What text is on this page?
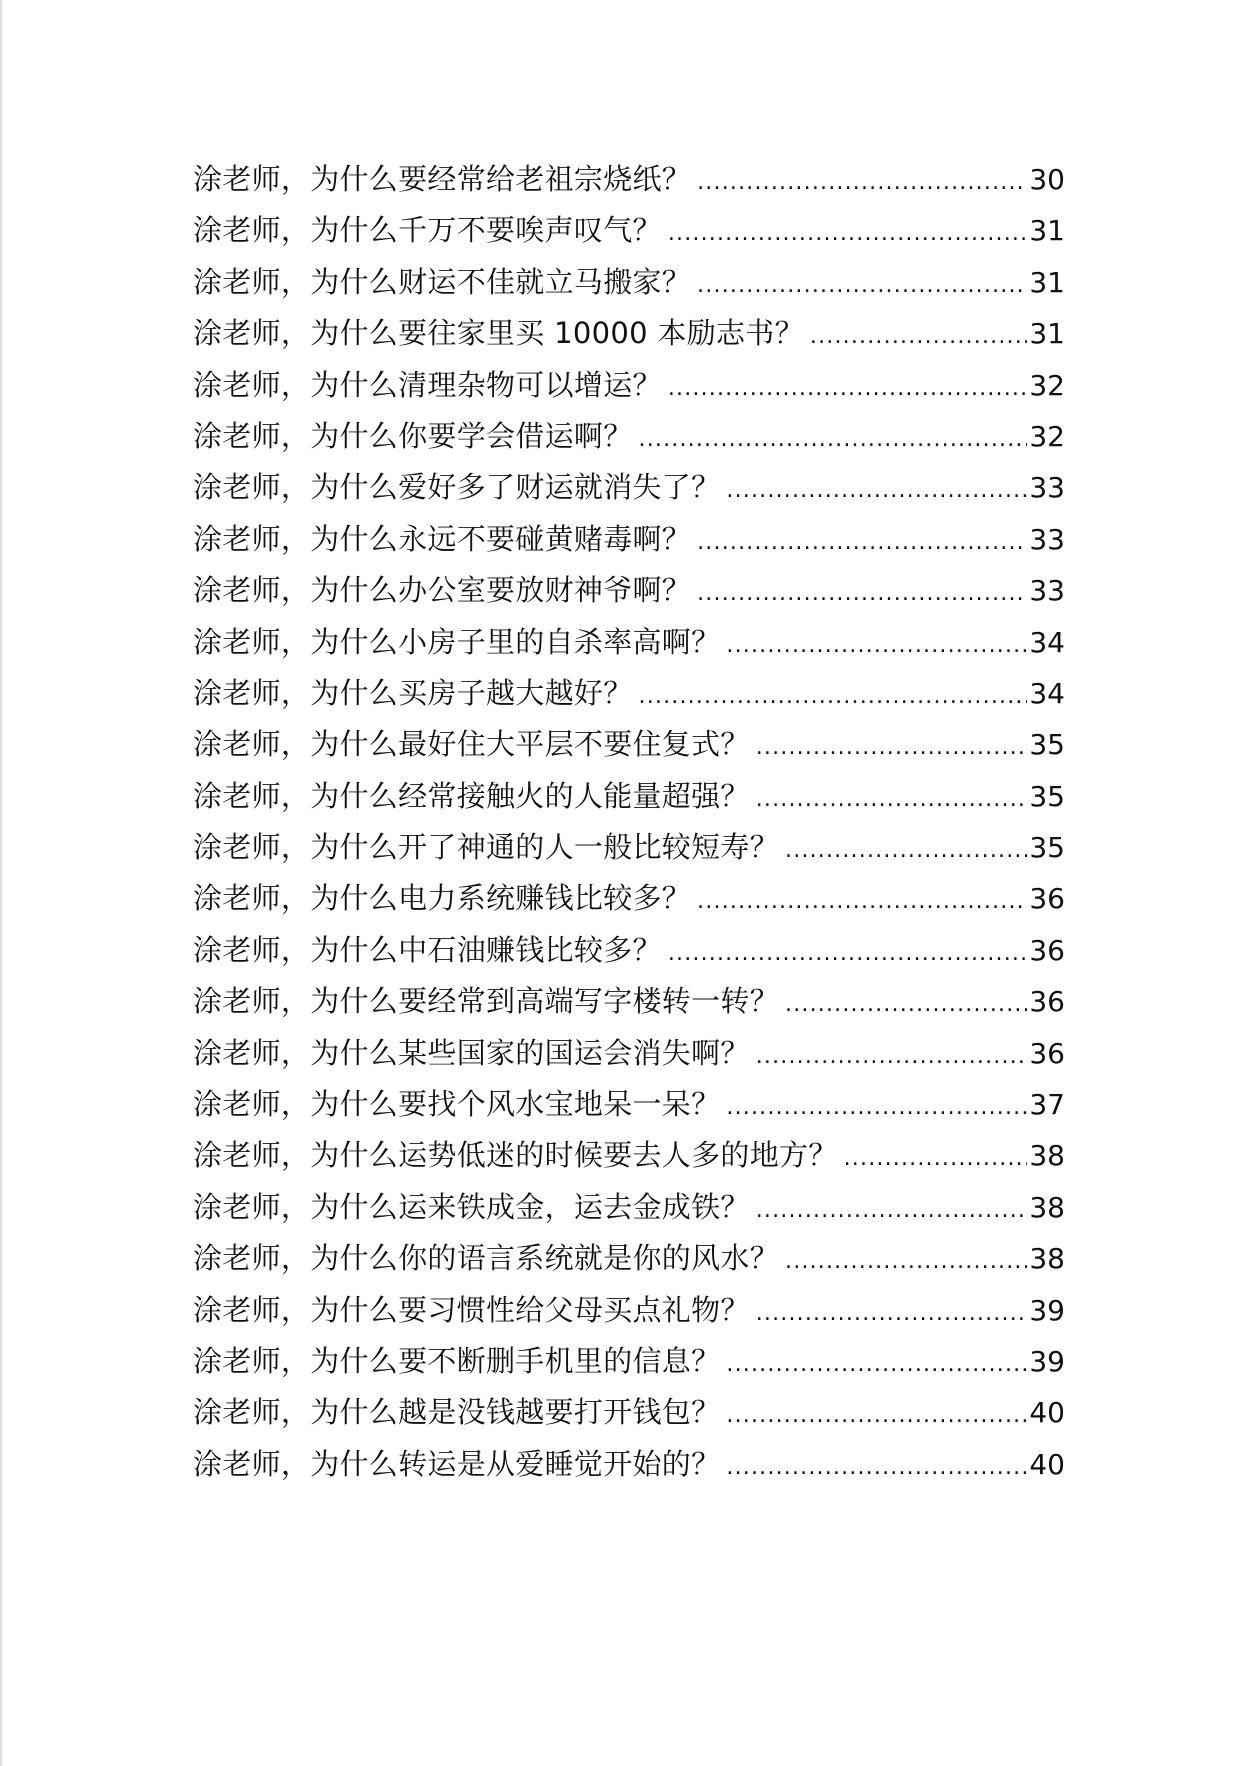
涂老师，为什么要经常给老祖宗烧纸？ .....	30
涂老师，为什么千万不要唉声叹气？ .....	31
涂老师，为什么财运不佳就立马搬家？ .....	31
涂老师，为什么要往家里买 10000 本励志书？ .....	31
涂老师，为什么清理杂物可以增运？ .....	32
涂老师，为什么你要学会借运啊？ .....	32
涂老师，为什么爱好多了财运就消失了？ .....	33
涂老师，为什么永远不要碰黄赌毒啊？ .....	33
涂老师，为什么办公室要放财神爷啊？ .....	33
涂老师，为什么小房子里的自杀率高啊？ .....	34
涂老师，为什么买房子越大越好？ .....	34
涂老师，为什么最好住大平层不要住复式？ .....	35
涂老师，为什么经常接触火的人能量超强？ .....	35
涂老师，为什么开了神通的人一般比较短寿？ .....	35
涂老师，为什么电力系统赚钱比较多？ .....	36
涂老师，为什么中石油赚钱比较多？ .....	36
涂老师，为什么要经常到高端写字楼转一转？ .....	36
涂老师，为什么某些国家的国运会消失啊？ .....	36
涂老师，为什么要找个风水宝地呆一呆？ .....	37
涂老师，为什么运势低迷的时候要去人多的地方？ .....	38
涂老师，为什么运来铁成金，运去金成铁？ .....	38
涂老师，为什么你的语言系统就是你的风水？ .....	38
涂老师，为什么要习惯性给父母买点礼物？ .....	39
涂老师，为什么要不断删手机里的信息？ .....	39
涂老师，为什么越是没钱越要打开钱包？ .....	40
涂老师，为什么转运是从爱睡觉开始的？ .....	40
